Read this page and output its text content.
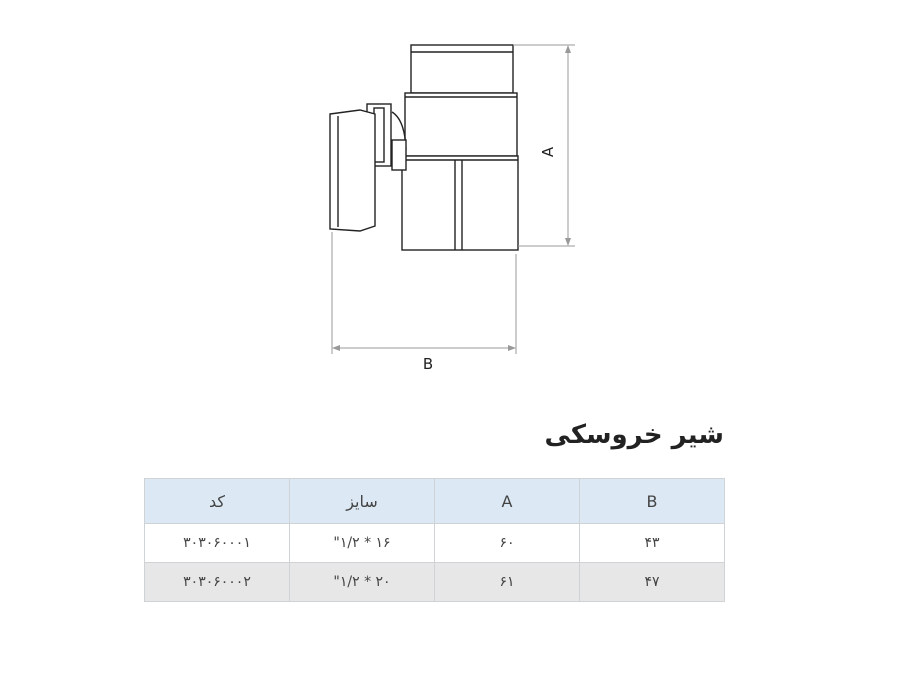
A
B
شیر خروسکی
کد	سایز	A	B
۳۰۳۰۶۰۰۰۱	"۱/۲ * ۱۶	۶۰	۴۳
۳۰۳۰۶۰۰۰۲	"۱/۲ * ۲۰	۶۱	۴۷
